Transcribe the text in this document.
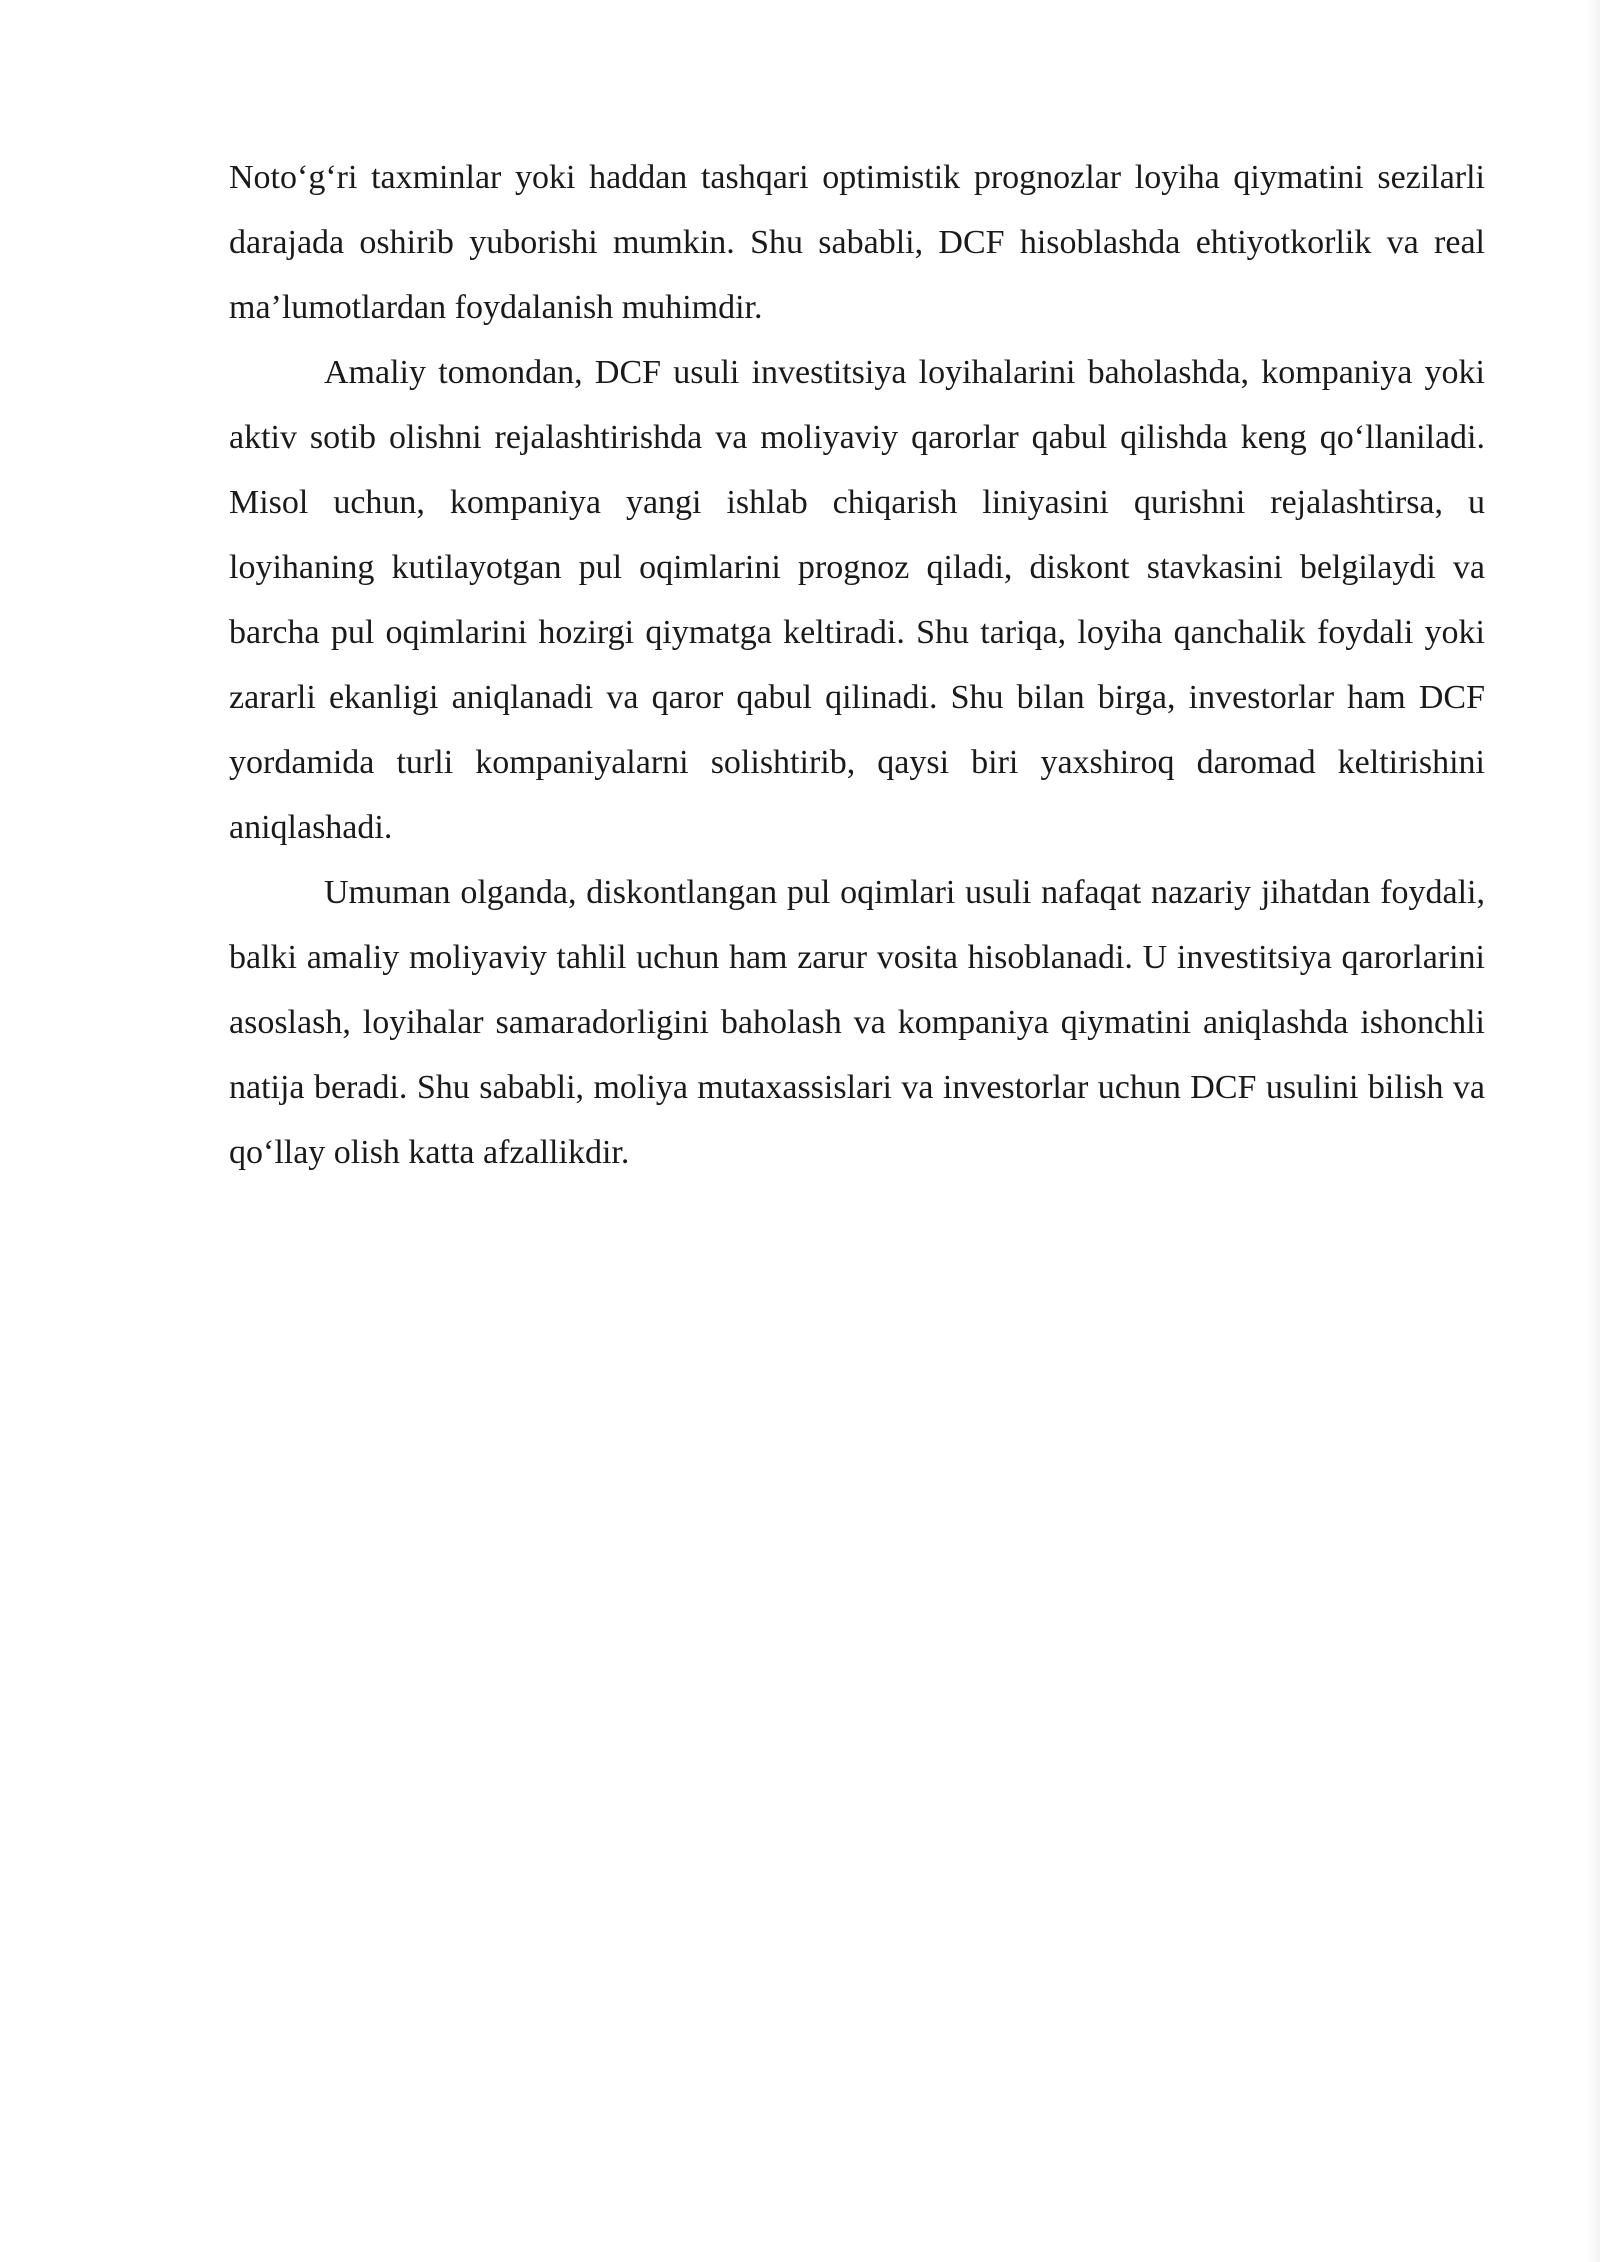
Noto‘g‘ri taxminlar yoki haddan tashqari optimistik prognozlar loyiha qiymatini sezilarli darajada oshirib yuborishi mumkin. Shu sababli, DCF hisoblashda ehtiyotkorlik va real ma’lumotlardan foydalanish muhimdir.

Amaliy tomondan, DCF usuli investitsiya loyihalarini baholashda, kompaniya yoki aktiv sotib olishni rejalashtirishda va moliyaviy qarorlar qabul qilishda keng qo‘llaniladi. Misol uchun, kompaniya yangi ishlab chiqarish liniyasini qurishni rejalashtirsa, u loyihaning kutilayotgan pul oqimlarini prognoz qiladi, diskont stavkasini belgilaydi va barcha pul oqimlarini hozirgi qiymatga keltiradi. Shu tariqa, loyiha qanchalik foydali yoki zararli ekanligi aniqlanadi va qaror qabul qilinadi. Shu bilan birga, investorlar ham DCF yordamida turli kompaniyalarni solishtirib, qaysi biri yaxshiroq daromad keltirishini aniqlashadi.

Umuman olganda, diskontlangan pul oqimlari usuli nafaqat nazariy jihatdan foydali, balki amaliy moliyaviy tahlil uchun ham zarur vosita hisoblanadi. U investitsiya qarorlarini asoslash, loyihalar samaradorligini baholash va kompaniya qiymatini aniqlashda ishonchli natija beradi. Shu sababli, moliya mutaxassislari va investorlar uchun DCF usulini bilish va qo‘llay olish katta afzallikdir.
